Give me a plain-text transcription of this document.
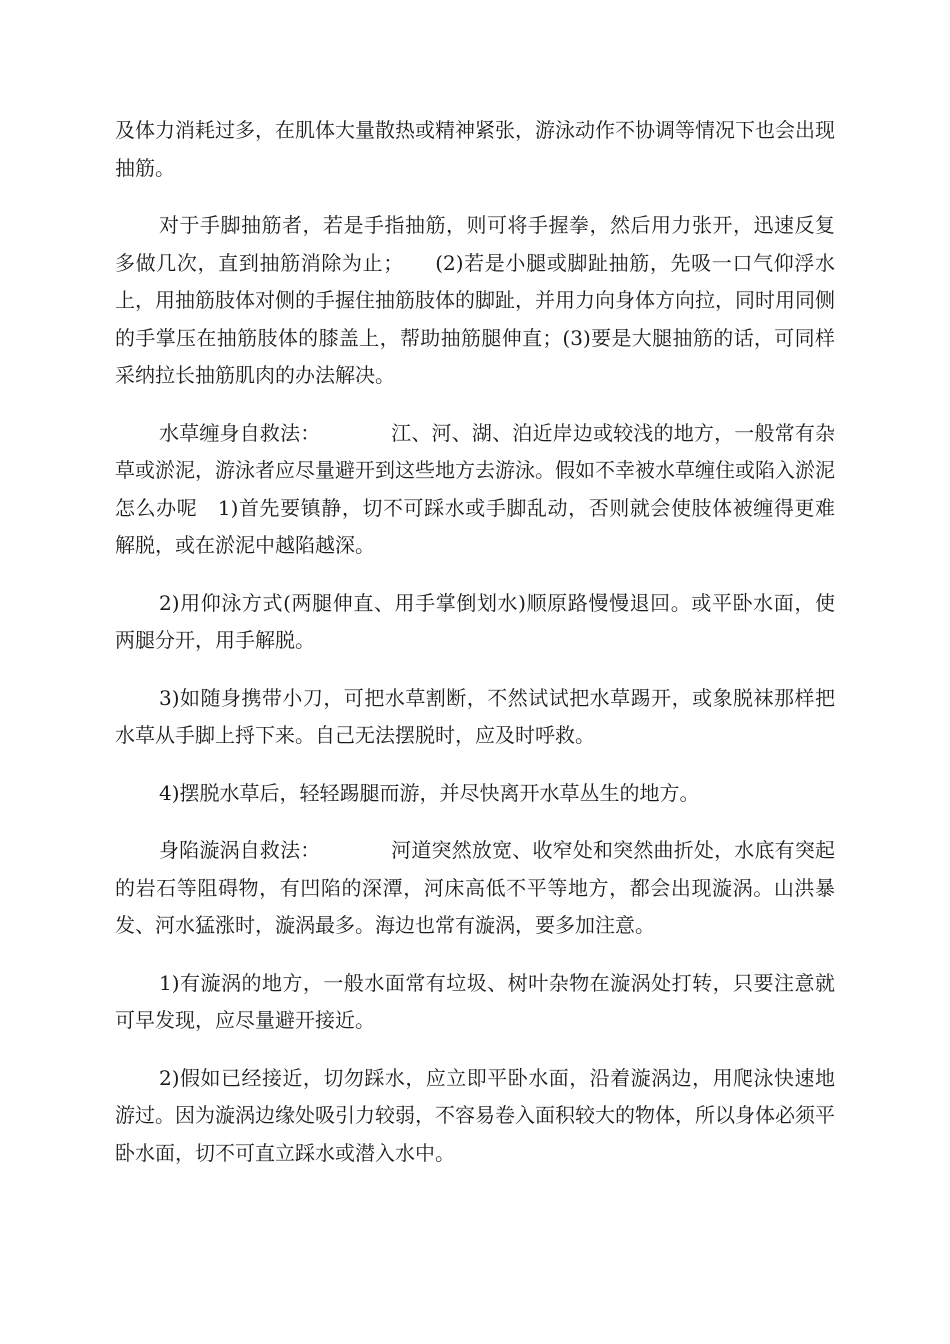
及体力消耗过多，在肌体大量散热或精神紧张，游泳动作不协调等情况下也会出现抽筋。

对于手脚抽筋者，若是手指抽筋，则可将手握拳，然后用力张开，迅速反复多做几次，直到抽筋消除为止；　　(2)若是小腿或脚趾抽筋，先吸一口气仰浮水上，用抽筋肢体对侧的手握住抽筋肢体的脚趾，并用力向身体方向拉，同时用同侧的手掌压在抽筋肢体的膝盖上，帮助抽筋腿伸直；(3)要是大腿抽筋的话，可同样采纳拉长抽筋肌肉的办法解决。

水草缠身自救法：　　　　江、河、湖、泊近岸边或较浅的地方，一般常有杂草或淤泥，游泳者应尽量避开到这些地方去游泳。假如不幸被水草缠住或陷入淤泥怎么办呢　1)首先要镇静，切不可踩水或手脚乱动，否则就会使肢体被缠得更难解脱，或在淤泥中越陷越深。

2)用仰泳方式(两腿伸直、用手掌倒划水)顺原路慢慢退回。或平卧水面，使两腿分开，用手解脱。

3)如随身携带小刀，可把水草割断，不然试试把水草踢开，或象脱袜那样把水草从手脚上捋下来。自己无法摆脱时，应及时呼救。

4)摆脱水草后，轻轻踢腿而游，并尽快离开水草丛生的地方。

身陷漩涡自救法：　　　　河道突然放宽、收窄处和突然曲折处，水底有突起的岩石等阻碍物，有凹陷的深潭，河床高低不平等地方，都会出现漩涡。山洪暴发、河水猛涨时，漩涡最多。海边也常有漩涡，要多加注意。

1)有漩涡的地方，一般水面常有垃圾、树叶杂物在漩涡处打转，只要注意就可早发现，应尽量避开接近。

2)假如已经接近，切勿踩水，应立即平卧水面，沿着漩涡边，用爬泳快速地游过。因为漩涡边缘处吸引力较弱，不容易卷入面积较大的物体，所以身体必须平卧水面，切不可直立踩水或潜入水中。
